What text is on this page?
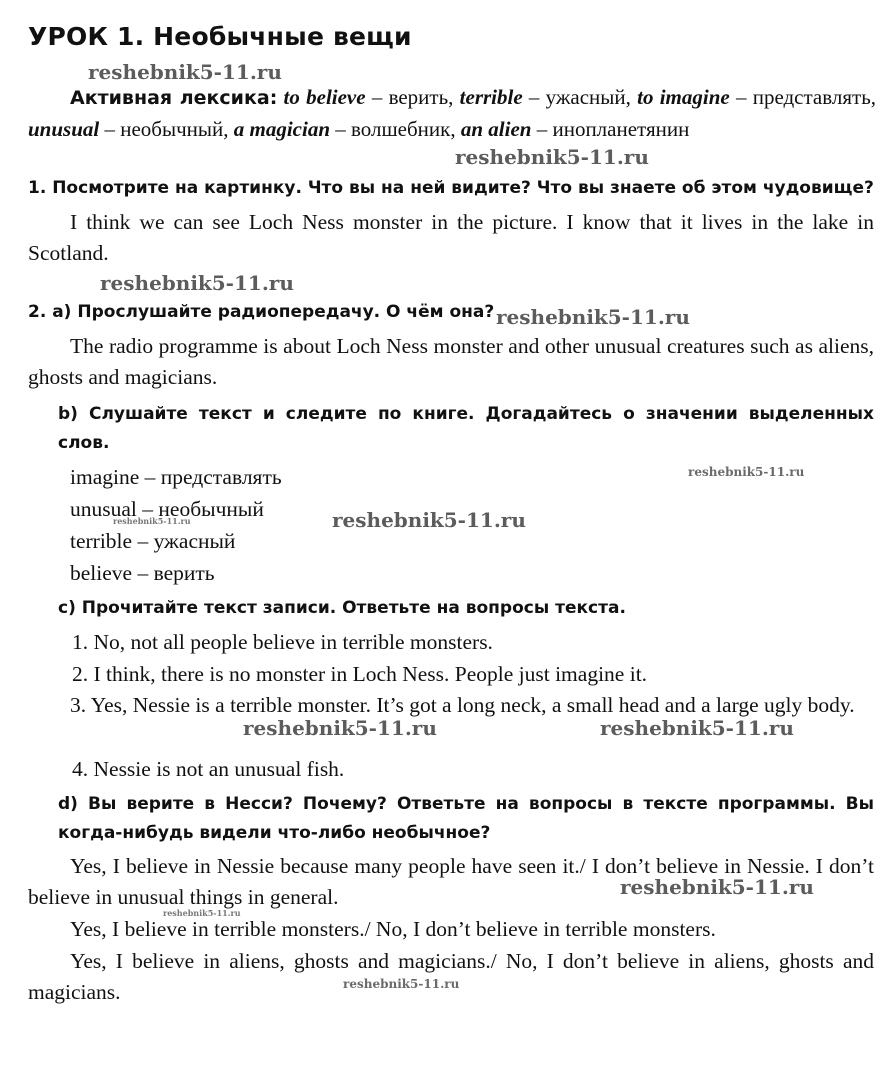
УРОК 1. Необычные вещи
reshebnik5-11.ru
reshebnik5-11.ru
reshebnik5-11.ru
reshebnik5-11.ru
reshebnik5-11.ru
reshebnik5-11.ru	reshebnik5-11.ru
reshebnik5-11.ru	reshebnik5-11.ru
reshebnik5-11.ru
reshebnik5-11.ru
reshebnik5-11.ru
Активная лексика: to believe – верить, terrible – ужасный, to imagine – представлять, unusual – необычный, a magician – волшебник, an alien – инопланетянин
1. Посмотрите на картинку. Что вы на ней видите? Что вы знаете об этом чудовище?
I think we can see Loch Ness monster in the picture. I know that it lives in the lake in Scotland.
2. a) Прослушайте радиопередачу. О чём она?
The radio programme is about Loch Ness monster and other unusual creatures such as aliens, ghosts and magicians.
b) Слушайте текст и следите по книге. Догадайтесь о значении выделенных слов.
imagine – представлять
unusual – необычный
terrible – ужасный
believe – верить
c) Прочитайте текст записи. Ответьте на вопросы текста.
1. No, not all people believe in terrible monsters.
2. I think, there is no monster in Loch Ness. People just imagine it.
3. Yes, Nessie is a terrible monster. It’s got a long neck, a small head and a large ugly body.
4. Nessie is not an unusual fish.
d) Вы верите в Несси? Почему? Ответьте на вопросы в тексте программы. Вы когда-нибудь видели что-либо необычное?
Yes, I believe in Nessie because many people have seen it./ I don’t believe in Nessie. I don’t believe in unusual things in general.
Yes, I believe in terrible monsters./ No, I don’t believe in terrible monsters.
Yes, I believe in aliens, ghosts and magicians./ No, I don’t believe in aliens, ghosts and magicians.
